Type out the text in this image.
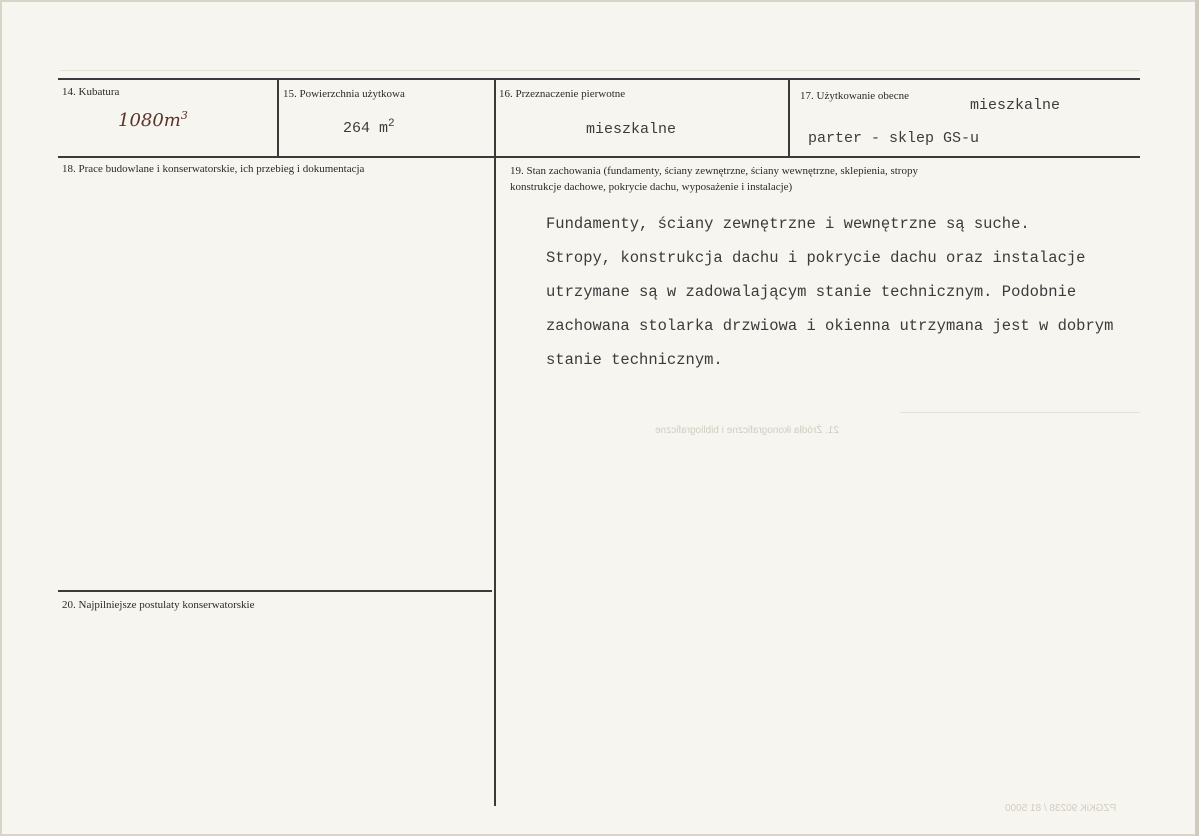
21. Źródła ikonograficzne i bibliograficzne
PZGKiK 90238 / 81 5000
14. Kubatura
$1080m^3$
15. Powierzchnia użytkowa
264 $m^2$
16. Przeznaczenie pierwotne
mieszkalne
17. Użytkowanie obecne
mieszkalne
parter - sklep GS-u
18. Prace budowlane i konserwatorskie, ich przebieg i dokumentacja	19. Stan zachowania (fundamenty, ściany zewnętrzne, ściany wewnętrzne, sklepienia, stropy
konstrukcje dachowe, pokrycie dachu, wyposażenie i instalacje)
Fundamenty, ściany zewnętrzne i wewnętrzne są suche.
Stropy, konstrukcja dachu i pokrycie dachu oraz instalacje
utrzymane są w zadowalającym stanie technicznym. Podobnie
zachowana stolarka drzwiowa i okienna utrzymana jest w dobrym
stanie technicznym.
20. Najpilniejsze postulaty konserwatorskie
